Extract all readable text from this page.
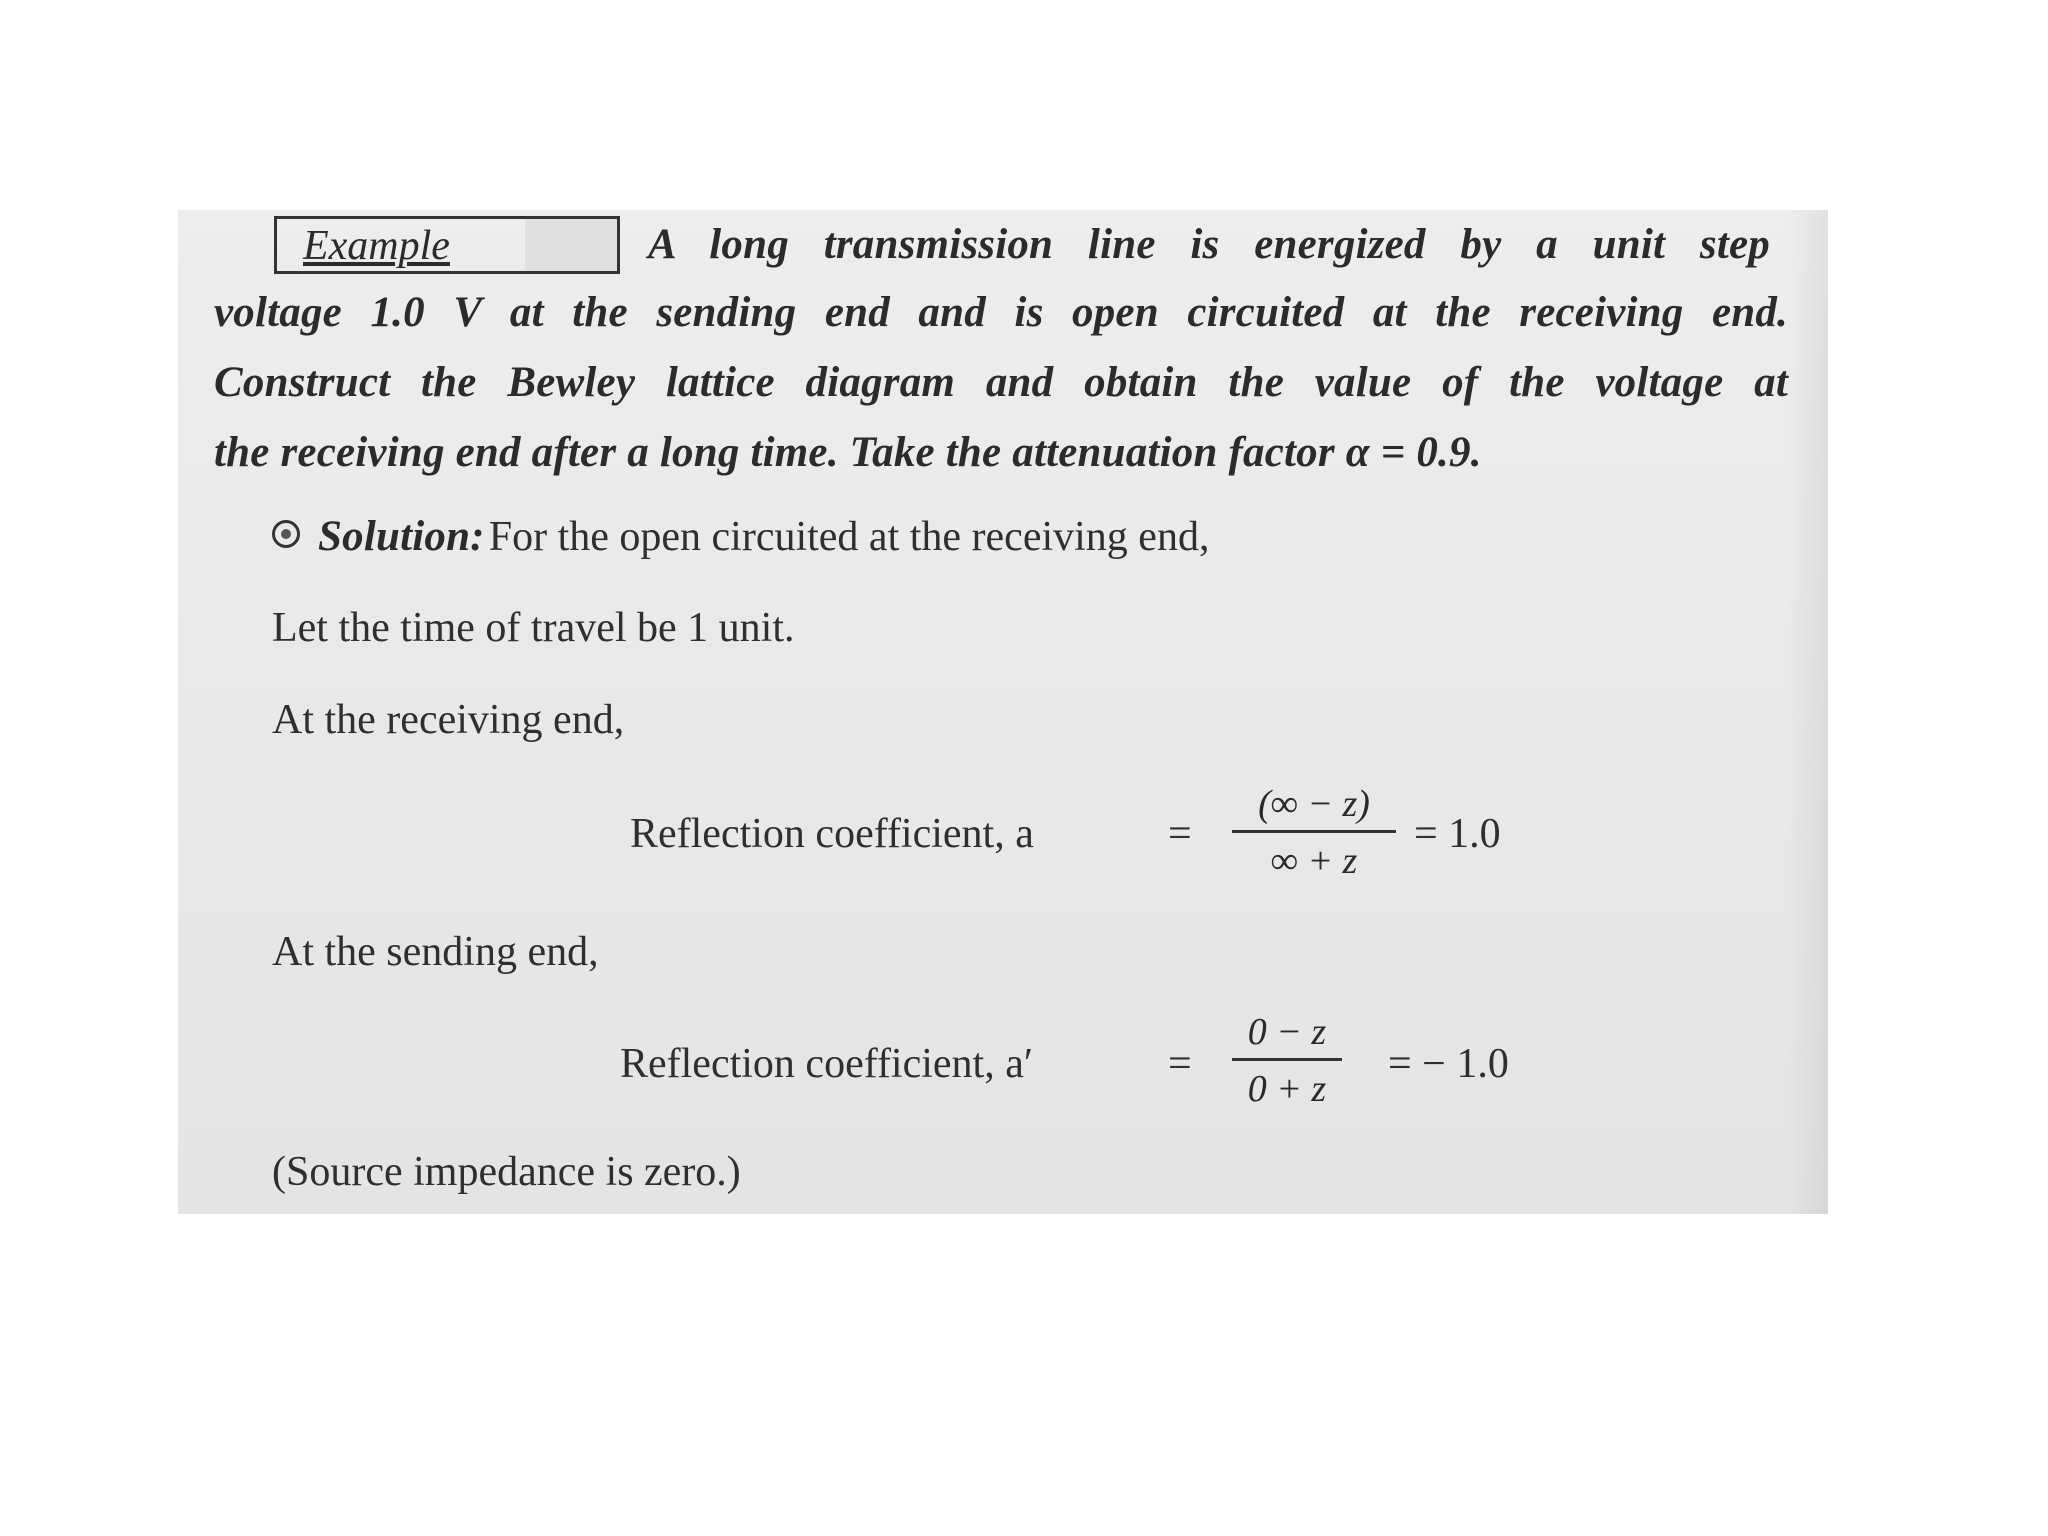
Example	A long transmission line is energized by a unit step
voltage 1.0 V at the sending end and is open circuited at the receiving end.
Construct the Bewley lattice diagram and obtain the value of the voltage at
the receiving end after a long time. Take the attenuation factor α = 0.9.
Solution: For the open circuited at the receiving end,
Let the time of travel be 1 unit.
At the receiving end,
Reflection coefficient, a	=
(∞ − z)
∞ + z
= 1.0
At the sending end,
Reflection coefficient, a′	=
0 − z
0 + z
= − 1.0
(Source impedance is zero.)
